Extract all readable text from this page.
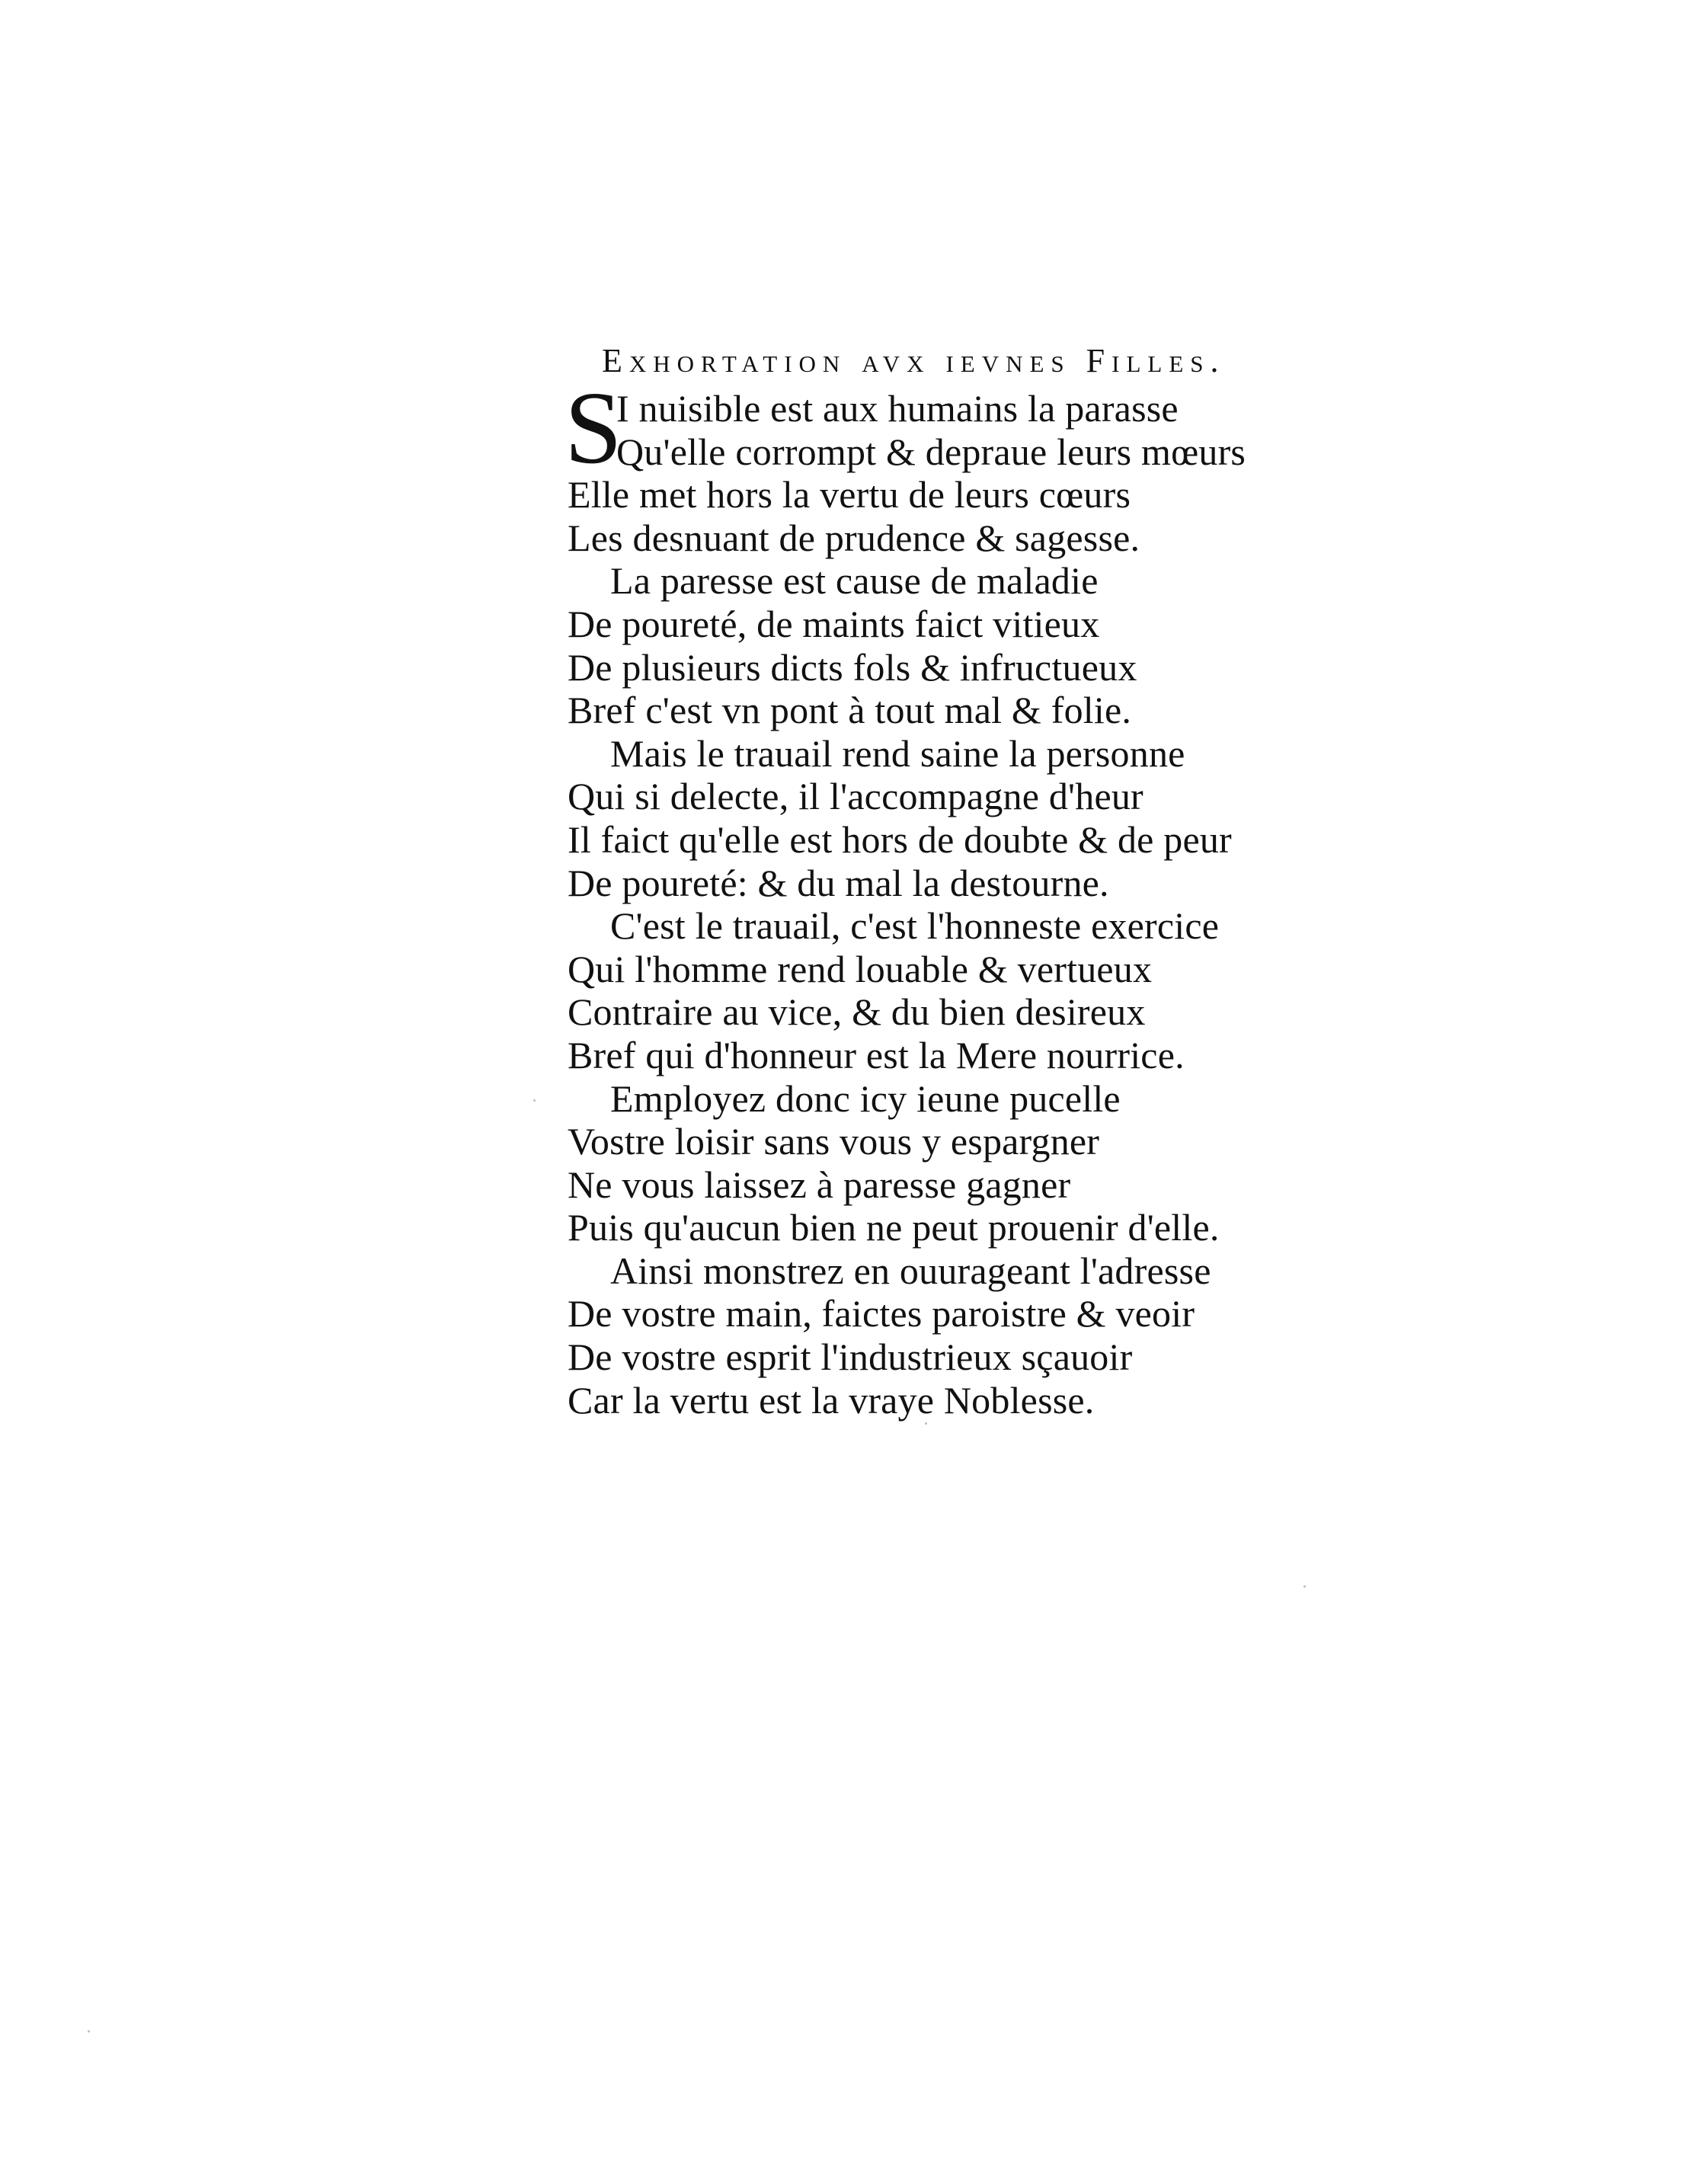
Exhortation avx ievnes Filles.
S
I nuisible est aux humains la parasse
Qu'elle corrompt & depraue leurs mœurs
Elle met hors la vertu de leurs cœurs
Les desnuant de prudence & sagesse.
La paresse est cause de maladie
De poureté, de maints faict vitieux
De plusieurs dicts fols & infructueux
Bref c'est vn pont à tout mal & folie.
Mais le trauail rend saine la personne
Qui si delecte, il l'accompagne d'heur
Il faict qu'elle est hors de doubte & de peur
De poureté: & du mal la destourne.
C'est le trauail, c'est l'honneste exercice
Qui l'homme rend louable & vertueux
Contraire au vice, & du bien desireux
Bref qui d'honneur est la Mere nourrice.
Employez donc icy ieune pucelle
Vostre loisir sans vous y espargner
Ne vous laissez à paresse gagner
Puis qu'aucun bien ne peut prouenir d'elle.
Ainsi monstrez en ouurageant l'adresse
De vostre main, faictes paroistre & veoir
De vostre esprit l'industrieux sçauoir
Car la vertu est la vraye Noblesse.
